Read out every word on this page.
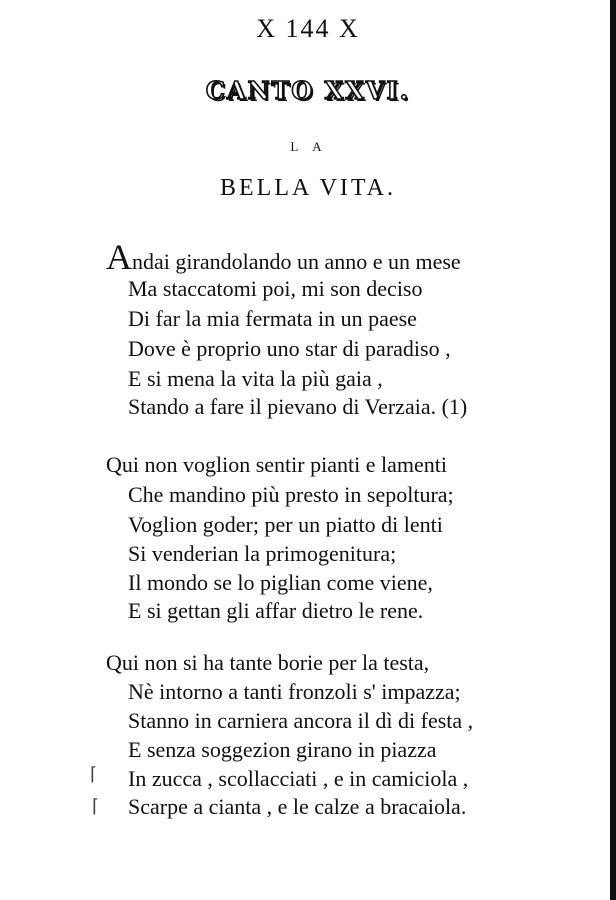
X 144 X
CANTO XXVI.
LA
BELLA VITA.
Andai girandolando un anno e un mese
Ma staccatomi poi, mi son deciso
Di far la mia fermata in un paese
Dove è proprio uno star di paradiso ,
E si mena la vita la più gaia ,
Stando a fare il pievano di Verzaia. (1)
Qui non voglion sentir pianti e lamenti
Che mandino più presto in sepoltura;
Voglion goder; per un piatto di lenti
Si venderian la primogenitura;
Il mondo se lo piglian come viene,
E si gettan gli affar dietro le rene.
Qui non si ha tante borie per la testa,
Nè intorno a tanti fronzoli s' impazza;
Stanno in carniera ancora il dì di festa ,
E senza soggezion girano in piazza
In zucca , scollacciati , e in camiciola ,
Scarpe a cianta , e le calze a bracaiola.
⌈
⌈
